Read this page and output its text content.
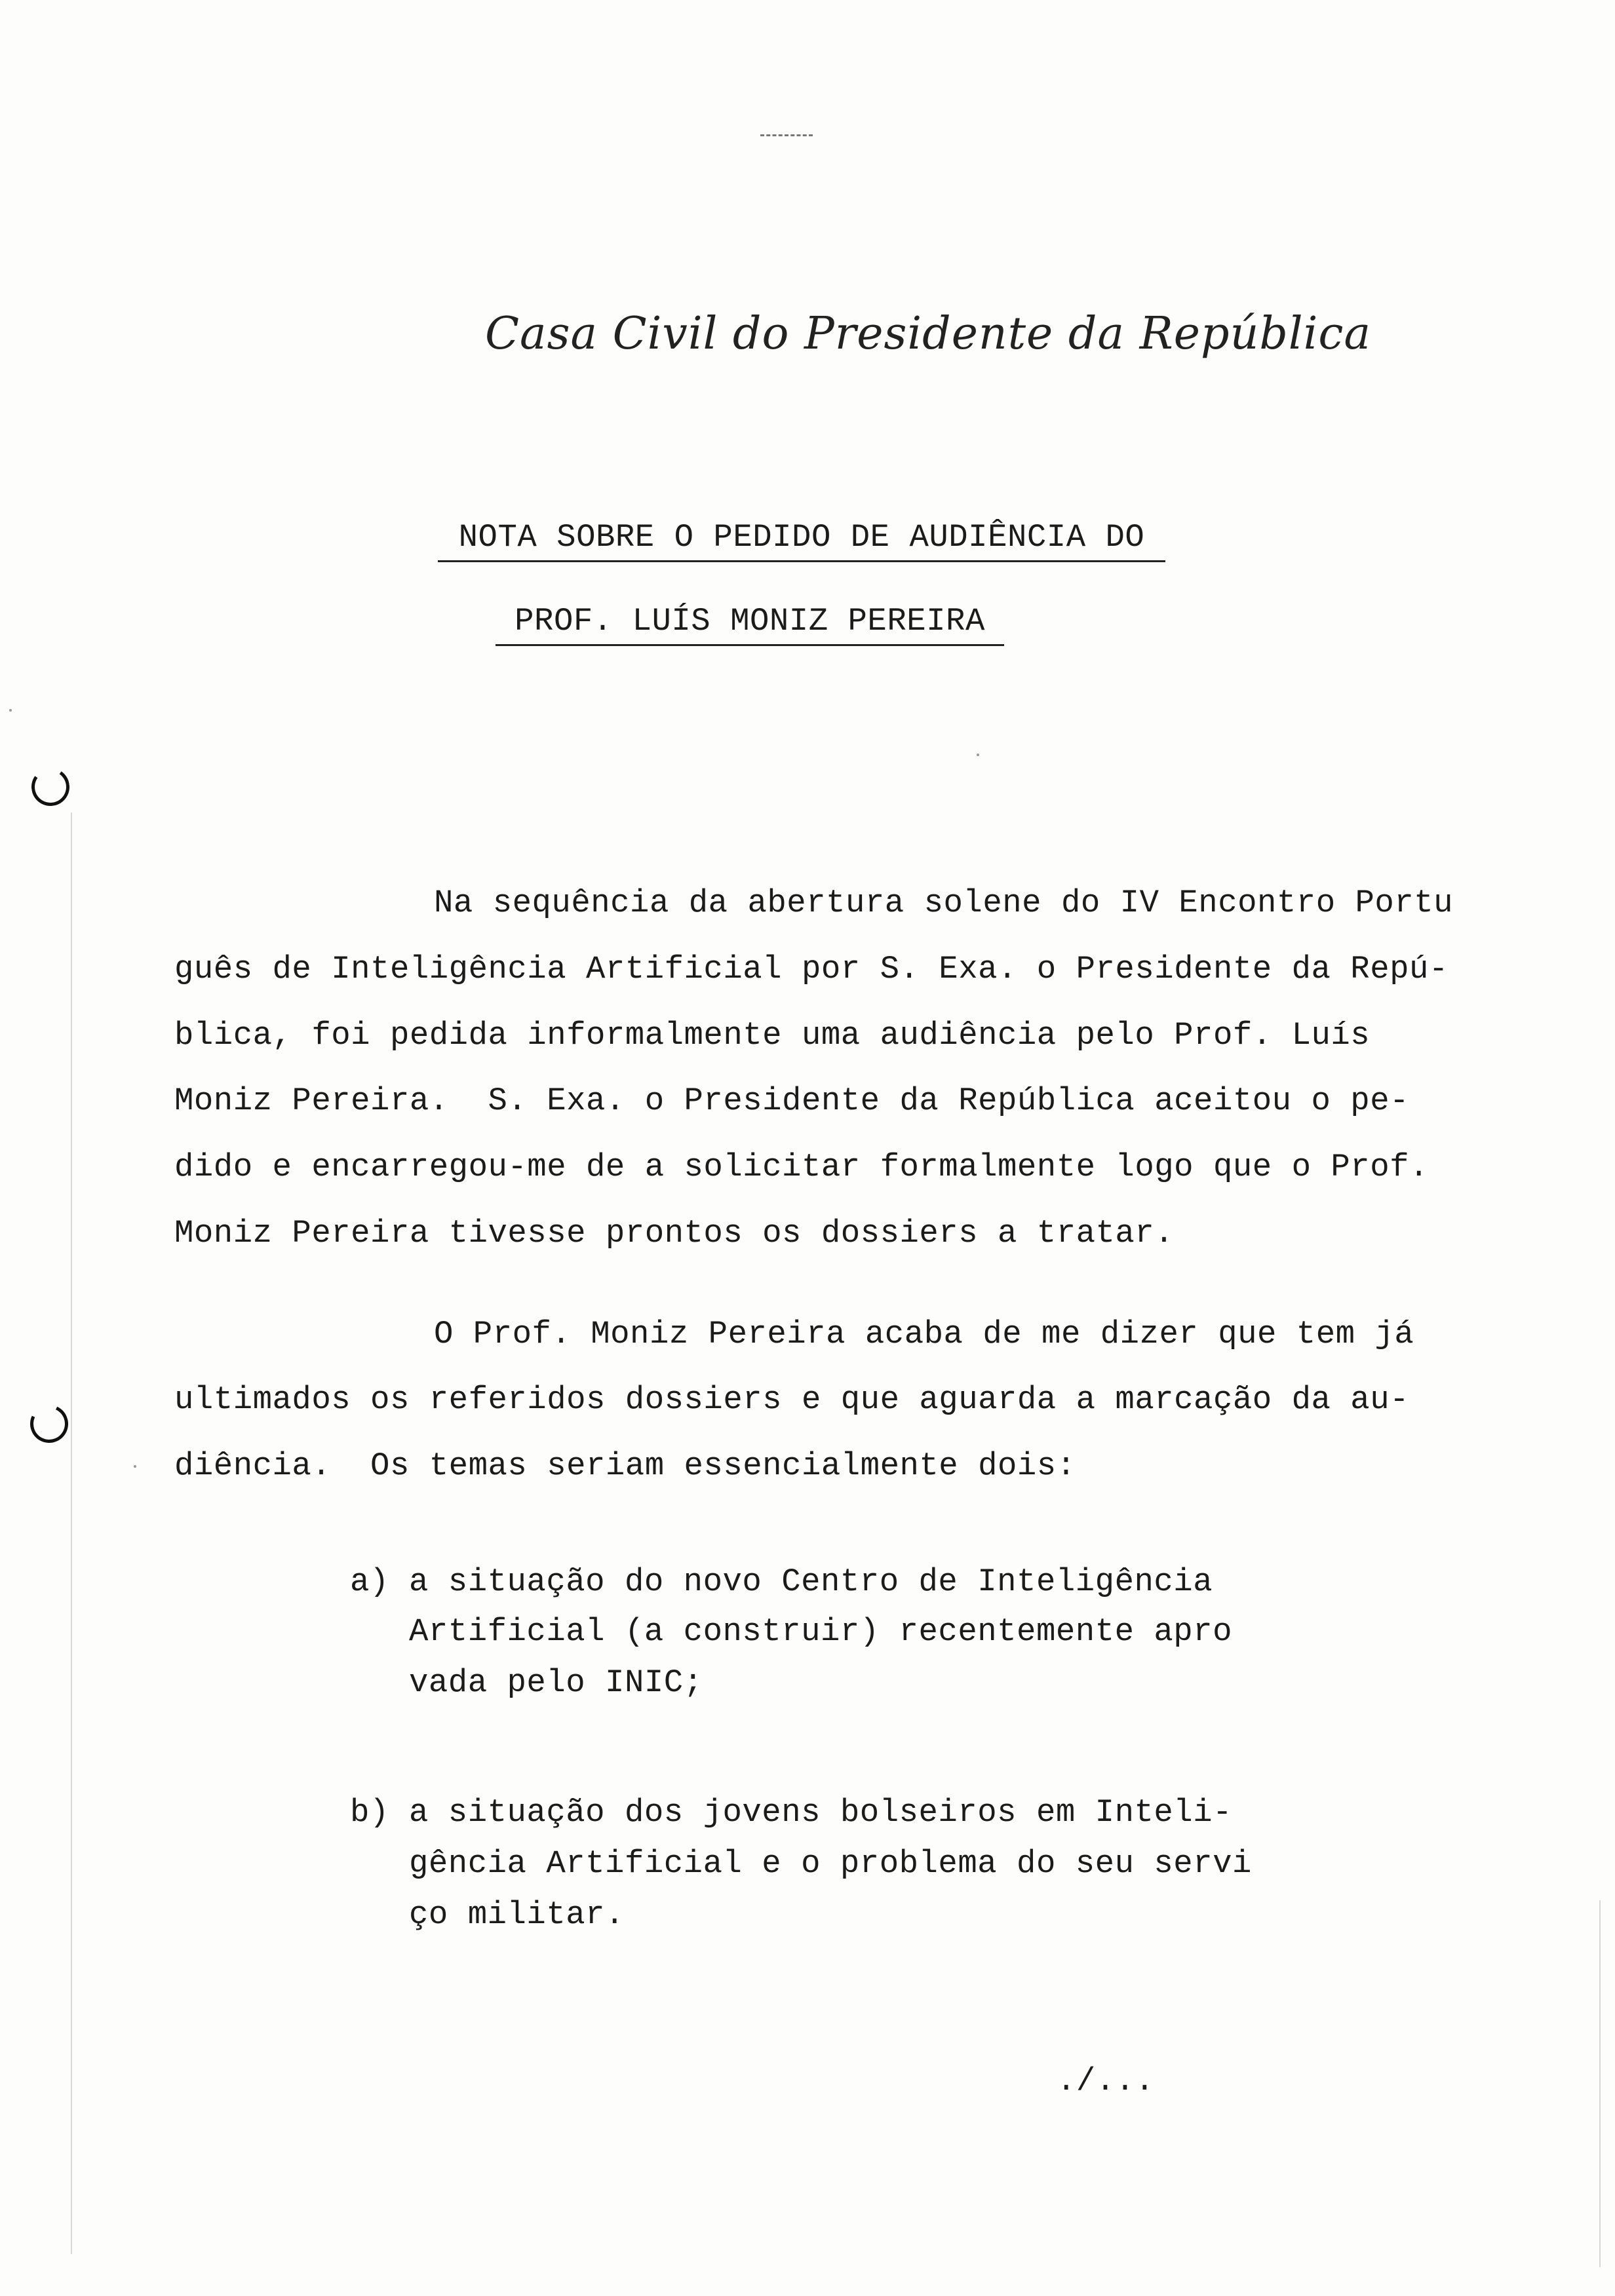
Casa Civil do Presidente da República
NOTA SOBRE O PEDIDO DE AUDIÊNCIA DO
PROF. LUÍS MONIZ PEREIRA
Na sequência da abertura solene do IV Encontro Portu
guês de Inteligência Artificial por S. Exa. o Presidente da Repú-
blica, foi pedida informalmente uma audiência pelo Prof. Luís
Moniz Pereira.  S. Exa. o Presidente da República aceitou o pe-
dido e encarregou-me de a solicitar formalmente logo que o Prof.
Moniz Pereira tivesse prontos os dossiers a tratar.
O Prof. Moniz Pereira acaba de me dizer que tem já
ultimados os referidos dossiers e que aguarda a marcação da au-
diência.  Os temas seriam essencialmente dois:
a) a situação do novo Centro de Inteligência
Artificial (a construir) recentemente apro
vada pelo INIC;
b) a situação dos jovens bolseiros em Inteli-
gência Artificial e o problema do seu servi
ço militar.
./...
